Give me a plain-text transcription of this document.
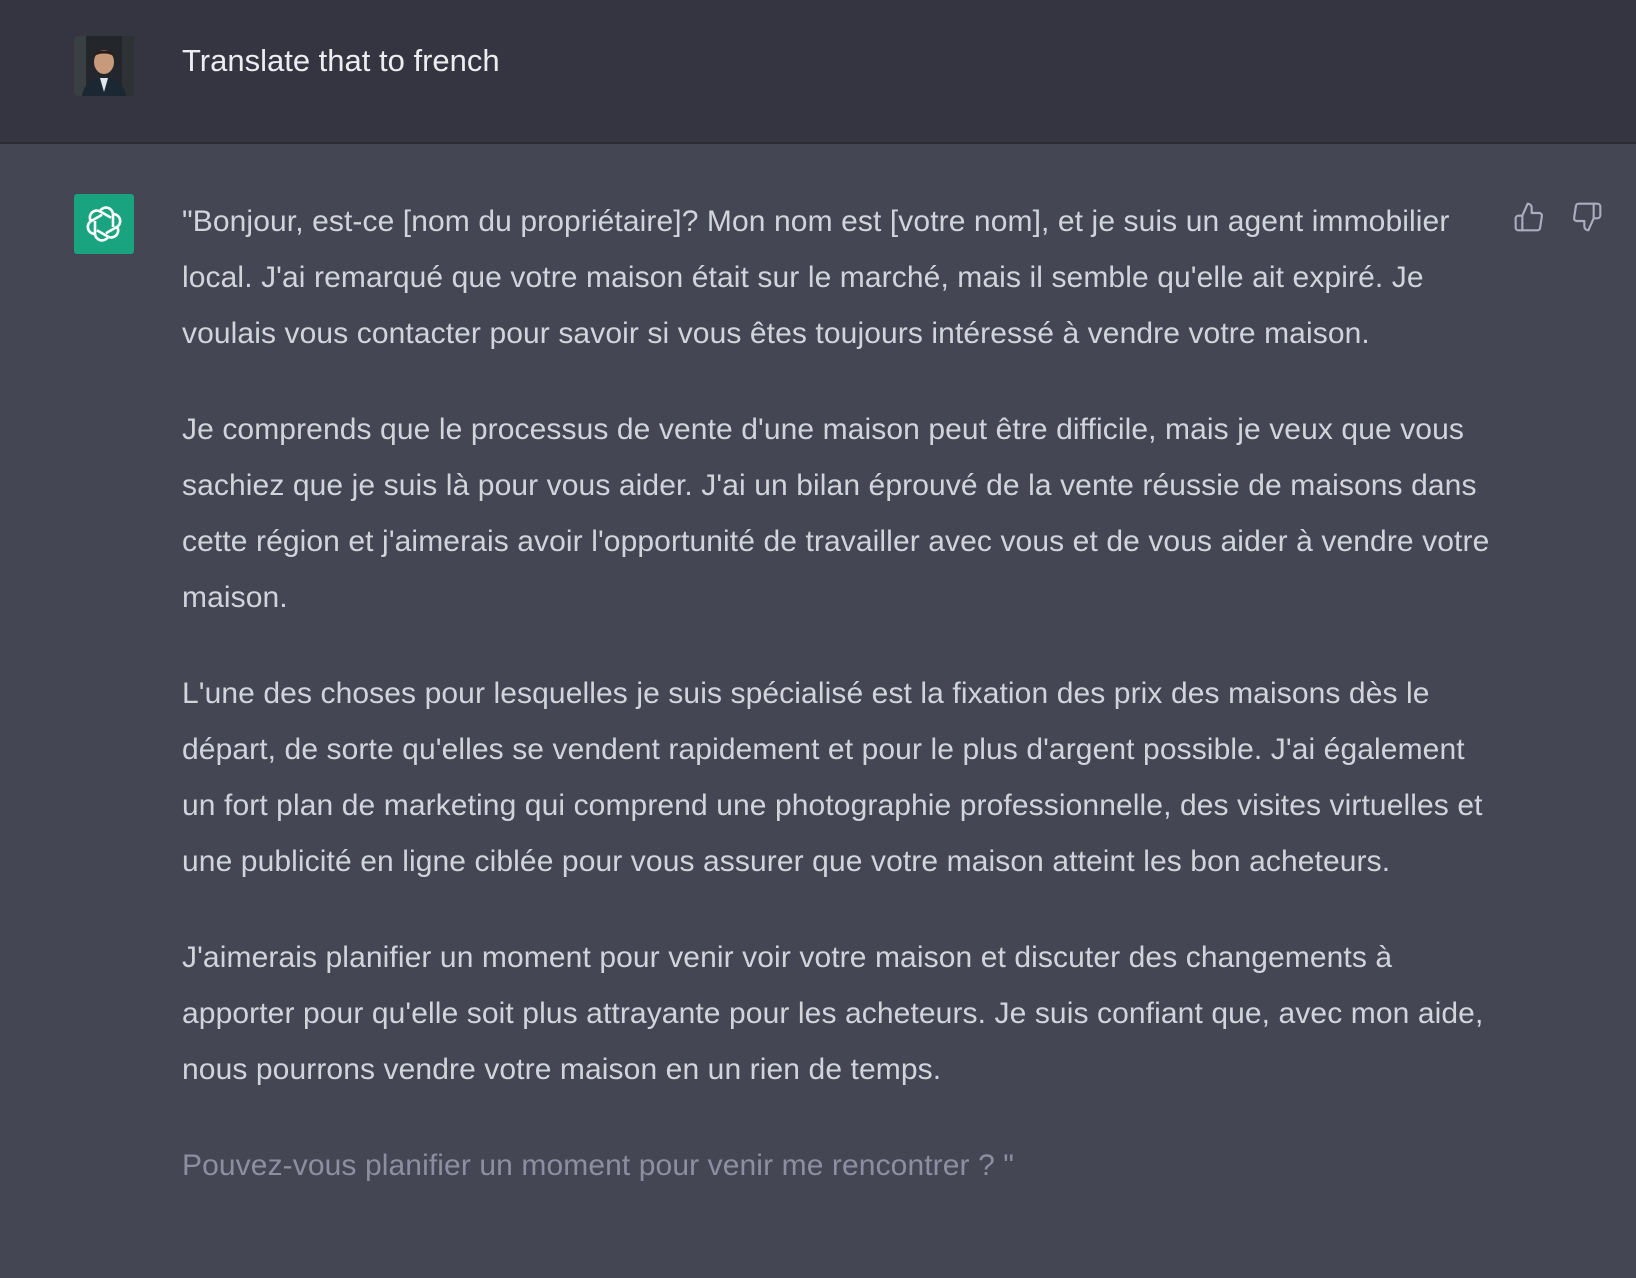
Translate that to french

"Bonjour, est-ce [nom du propriétaire]? Mon nom est [votre nom], et je suis un agent immobilier local. J'ai remarqué que votre maison était sur le marché, mais il semble qu'elle ait expiré. Je voulais vous contacter pour savoir si vous êtes toujours intéressé à vendre votre maison.

Je comprends que le processus de vente d'une maison peut être difficile, mais je veux que vous sachiez que je suis là pour vous aider. J'ai un bilan éprouvé de la vente réussie de maisons dans cette région et j'aimerais avoir l'opportunité de travailler avec vous et de vous aider à vendre votre maison.

L'une des choses pour lesquelles je suis spécialisé est la fixation des prix des maisons dès le départ, de sorte qu'elles se vendent rapidement et pour le plus d'argent possible. J'ai également un fort plan de marketing qui comprend une photographie professionnelle, des visites virtuelles et une publicité en ligne ciblée pour vous assurer que votre maison atteint les bon acheteurs.

J'aimerais planifier un moment pour venir voir votre maison et discuter des changements à apporter pour qu'elle soit plus attrayante pour les acheteurs. Je suis confiant que, avec mon aide, nous pourrons vendre votre maison en un rien de temps.

Pouvez-vous planifier un moment pour venir me rencontrer ? "
